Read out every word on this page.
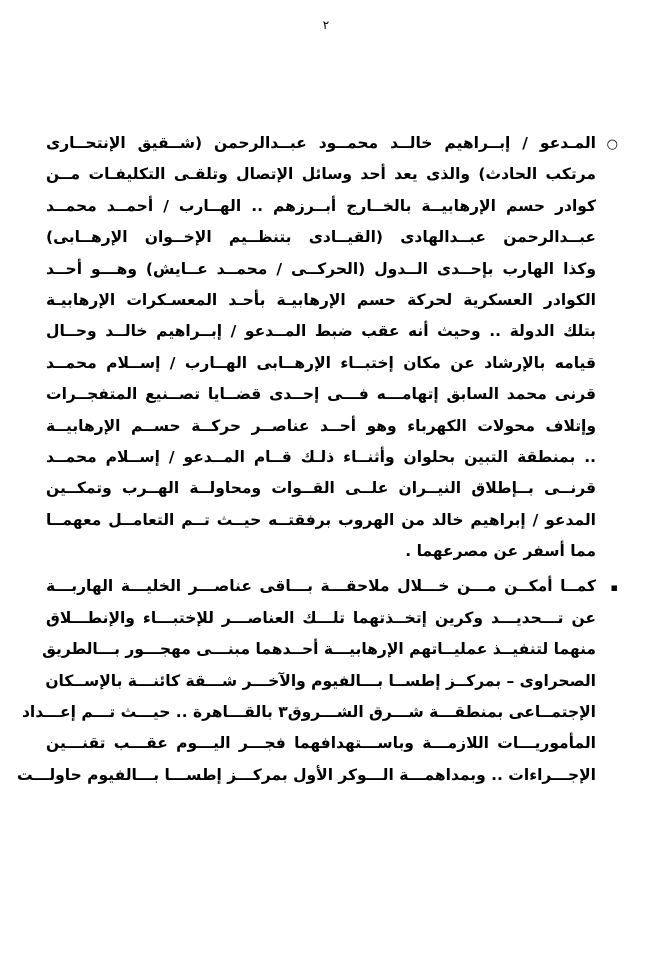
٢
○
المـدعو / إبــراهيم خالــد محمــود عبــدالرحمن (شــقيق الإنتحــارى
مرتكب الحادث) والذى يعد أحد وسائل الإتصال وتلقـى التكليفـات مــن
كوادر حسم الإرهابيــة بالخــارج أبــرزهم .. الهــارب / أحمــد محمــد
عبــدالرحمن عبــدالهادى (القيــادى بتنظــيم الإخــوان الإرهــابى)
وكذا الهارب بإحــدى الــدول (الحركــى / محمــد عــايش) وهـــو أحــد
الكوادر العسكرية لحركة حسم الإرهابيـة بأحـد المعسـكرات الإرهابيـة
بتلك الدولة .. وحيث أنه عقب ضبط المــدعو / إبــراهيم خالــد وحــال
قيامه بالإرشاد عن مكان إختبــاء الإرهــابى الهــارب / إســلام محمــد
قرنى محمد السابق إتهامـــه فـــى إحــدى قضــايا تصــنيع المتفجــرات
وإتلاف محولات الكهرباء وهو أحــد عناصــر حركــة حســم الإرهابيــة
.. بمنطقة التبين بحلوان وأثنــاء ذلـك قــام المــدعو / إســلام محمــد
قرنــى بــإطلاق النيــران علــى القــوات ومحاولــة الهــرب وتمكــين
المدعو / إبراهيم خالد من الهروب برفقتــه حيــث تــم التعامــل معهمــا
مما أسفر عن مصرعهما .
▪
كمــا أمكــن مـــن خـــلال ملاحقـــة بـــاقى عناصـــر الخليـــة الهاربـــة
عن تـــحديـــد وكرين إتخــذتهما تلـــك العناصـــر للإختبـــاء والإنطـــلاق
منهما لتنفيــذ عمليــاتهم الإرهابيـــة أحــدهما مبنـــى مهجـــور بـــالطريق
الصحراوى – بمركــز إطســا بـــالفيوم والآخـــر شـــقة كائنـــة بالإســكان
الإجتمــاعى بمنطقـــة شـــرق الشـــروق٣ بالقـــاهرة .. حيـــث تـــم إعـــداد
المأموريـــات اللازمـــة وباســـتهدافهما فجـــر اليـــوم عقـــب تقنـــين
الإجـــراءات .. وبمداهمـــة الـــوكر الأول بمركـــز إطســـا بـــالفيوم حاولـــت
